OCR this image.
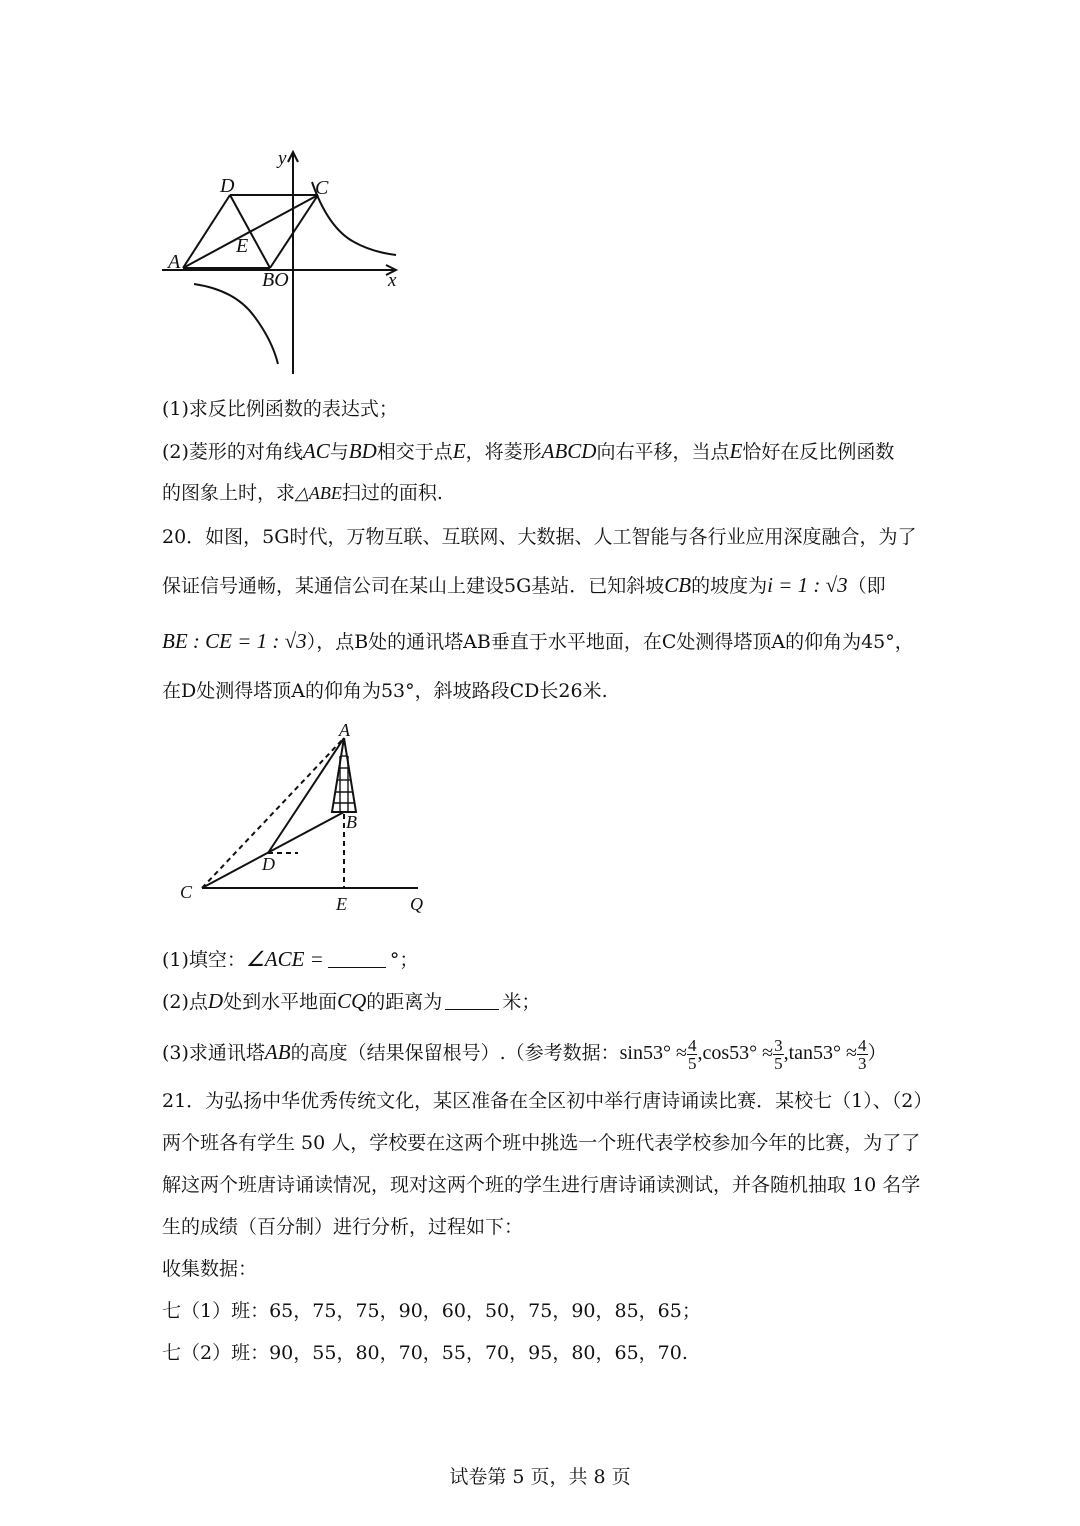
y
D	C
E
A
BO	x
(1)求反比例函数的表达式；
(2)菱形的对角线AC与BD相交于点E，将菱形ABCD向右平移，当点E恰好在反比例函数
的图象上时，求△ABE扫过的面积.
20．如图，5G时代，万物互联、互联网、大数据、人工智能与各行业应用深度融合，为了
保证信号通畅，某通信公司在某山上建设5G基站．已知斜坡CB的坡度为i = 1 : √3（即
BE : CE = 1 : √3），点B处的通讯塔AB垂直于水平地面，在C处测得塔顶A的仰角为45°，
在D处测得塔顶A的仰角为53°，斜坡路段CD长26米.
A
B
D
C
E	Q
(1)填空：∠ACE =	°；
(2)点D处到水平地面CQ的距离为	米；
(3)求通讯塔AB的高度（结果保留根号）.（参考数据：$\sin 53^\circ \approx \frac{4}{5} ,\cos 53^\circ \approx \frac{3}{5} ,\tan 53^\circ \approx \frac{4}{3}$ ）
21．为弘扬中华优秀传统文化，某区准备在全区初中举行唐诗诵读比赛．某校七（1）、（2）
两个班各有学生 50 人，学校要在这两个班中挑选一个班代表学校参加今年的比赛，为了了
解这两个班唐诗诵读情况，现对这两个班的学生进行唐诗诵读测试，并各随机抽取 10 名学
生的成绩（百分制）进行分析，过程如下：
收集数据：
七（1）班：65，75，75，90，60，50，75，90，85，65；
七（2）班：90，55，80，70，55，70，95，80，65，70.
试卷第 5 页，共 8 页
